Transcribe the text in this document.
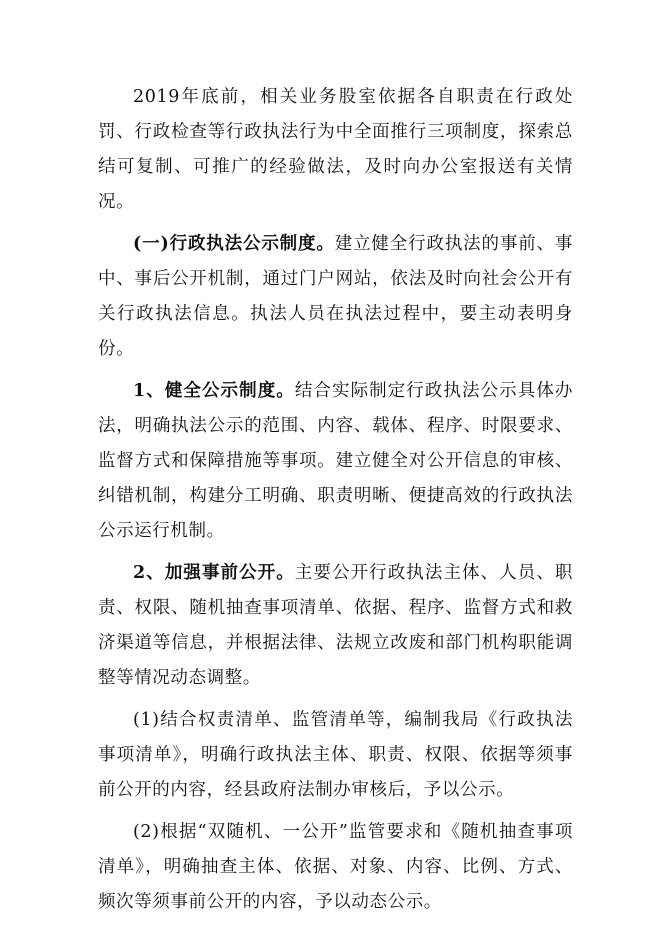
2019年底前，相关业务股室依据各自职责在行政处罚、行政检查等行政执法行为中全面推行三项制度，探索总结可复制、可推广的经验做法，及时向办公室报送有关情况。

(一)行政执法公示制度。建立健全行政执法的事前、事中、事后公开机制，通过门户网站，依法及时向社会公开有关行政执法信息。执法人员在执法过程中，要主动表明身份。

1、健全公示制度。结合实际制定行政执法公示具体办法，明确执法公示的范围、内容、载体、程序、时限要求、监督方式和保障措施等事项。建立健全对公开信息的审核、纠错机制，构建分工明确、职责明晰、便捷高效的行政执法公示运行机制。

2、加强事前公开。主要公开行政执法主体、人员、职责、权限、随机抽查事项清单、依据、程序、监督方式和救济渠道等信息，并根据法律、法规立改废和部门机构职能调整等情况动态调整。

(1)结合权责清单、监管清单等，编制我局《行政执法事项清单》，明确行政执法主体、职责、权限、依据等须事前公开的内容，经县政府法制办审核后，予以公示。

(2)根据“双随机、一公开”监管要求和《随机抽查事项清单》，明确抽查主体、依据、对象、内容、比例、方式、频次等须事前公开的内容，予以动态公示。
